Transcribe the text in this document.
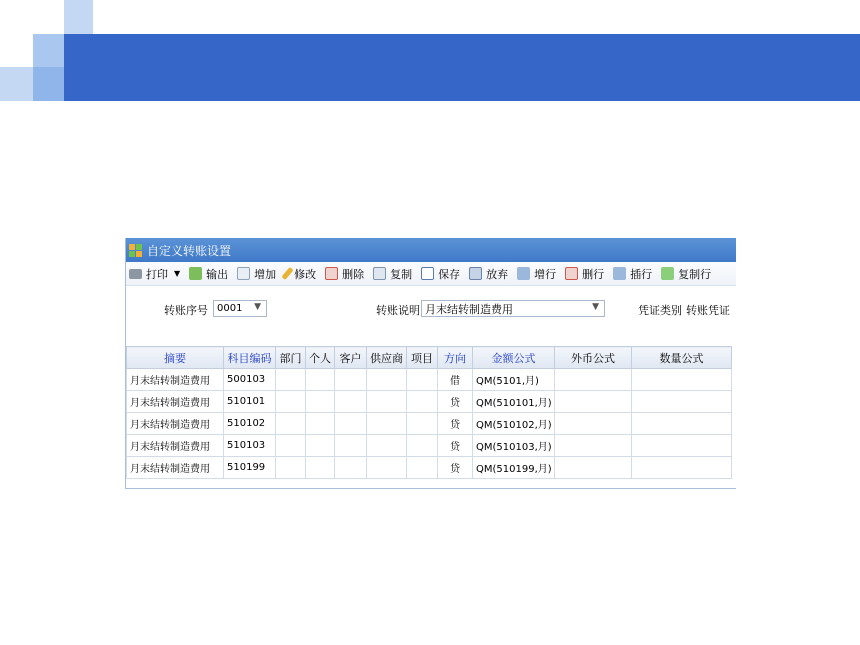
自定义转账设置
打印 ▼ 输出 增加 修改 删除 复制 保存 放弃 增行 删行 插行 复制行
转账序号 0001 ▼	转账说明 月末结转制造费用	▼	凭证类别 转账凭证
摘要	科目编码	部门	个人	客户	供应商	项目	方向	金额公式	外币公式	数量公式
月末结转制造费用	500103						借	QM(5101,月)		
月末结转制造费用	510101						贷	QM(510101,月)		
月末结转制造费用	510102						贷	QM(510102,月)		
月末结转制造费用	510103						贷	QM(510103,月)		
月末结转制造费用	510199						贷	QM(510199,月)		
